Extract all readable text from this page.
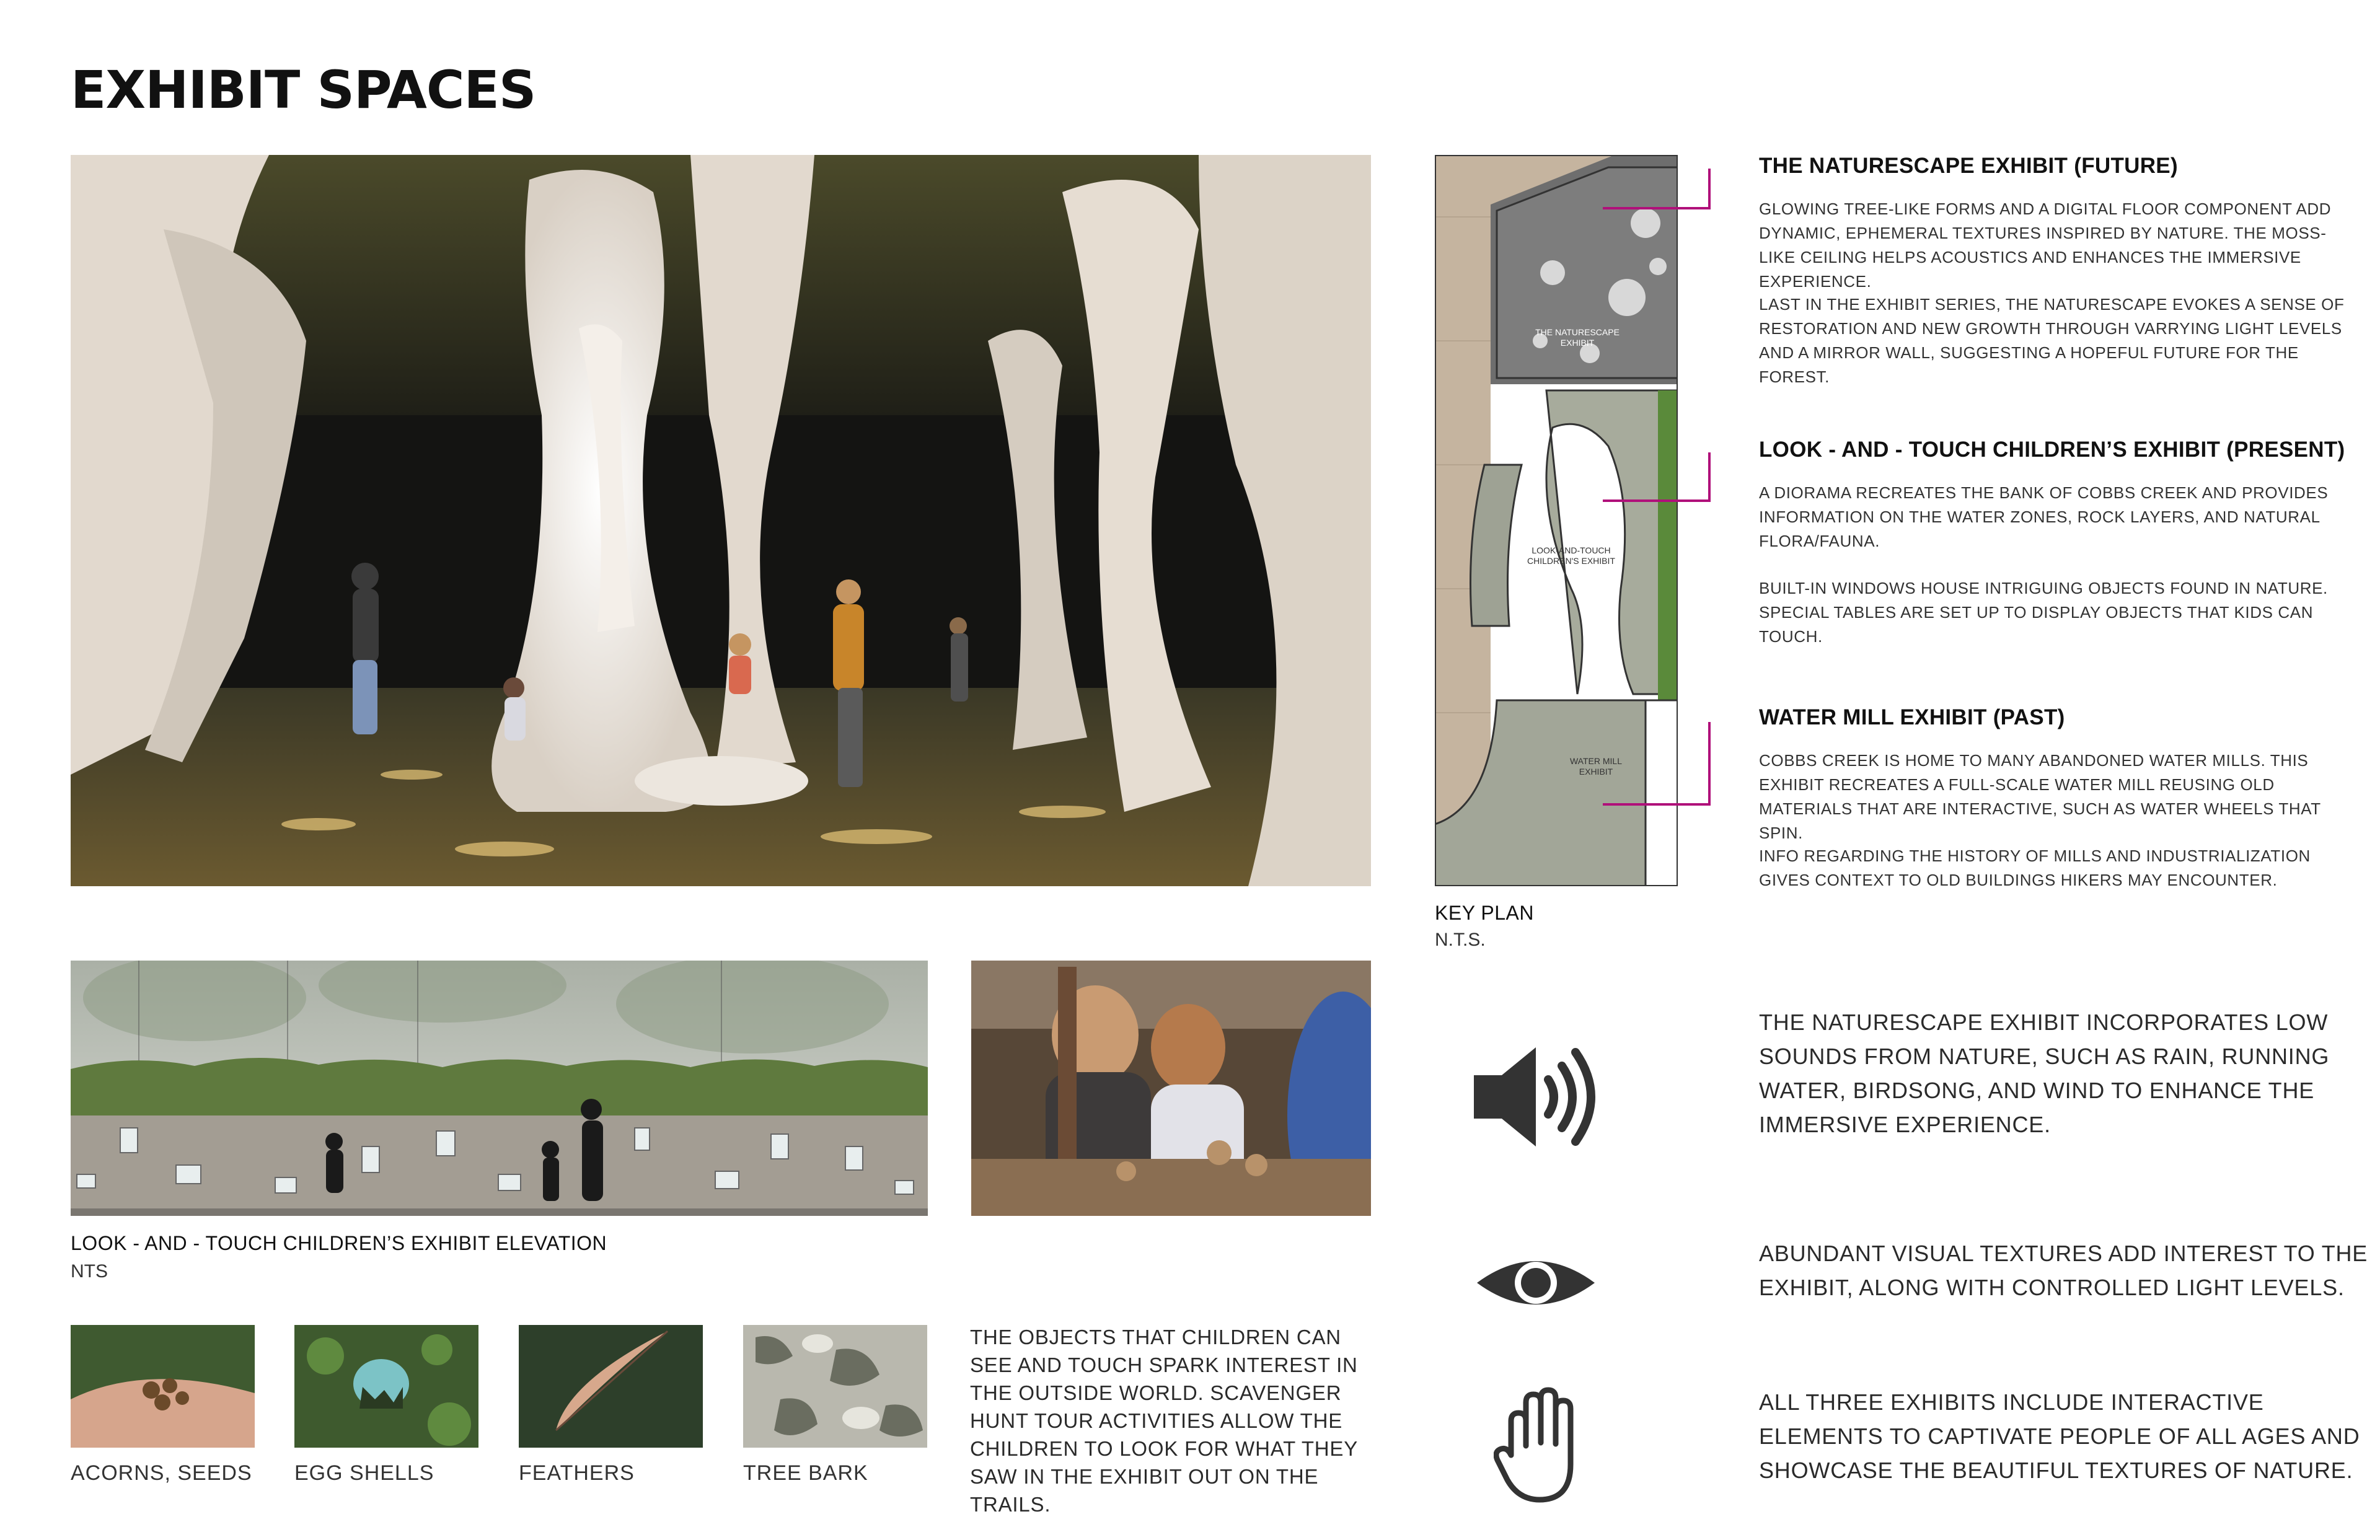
EXHIBIT SPACES
THE NATURESCAPE EXHIBIT
LOOK-AND-TOUCH CHILDREN'S EXHIBIT
WATER MILL EXHIBIT
KEY PLAN
N.T.S.
THE NATURESCAPE EXHIBIT (FUTURE)
GLOWING TREE-LIKE FORMS AND A DIGITAL FLOOR COMPONENT ADD DYNAMIC, EPHEMERAL TEXTURES INSPIRED BY NATURE. THE MOSS-LIKE CEILING HELPS ACOUSTICS AND ENHANCES THE IMMERSIVE EXPERIENCE.
LAST IN THE EXHIBIT SERIES, THE NATURESCAPE EVOKES A SENSE OF RESTORATION AND NEW GROWTH THROUGH VARRYING LIGHT LEVELS AND A MIRROR WALL, SUGGESTING A HOPEFUL FUTURE FOR THE FOREST.
LOOK - AND - TOUCH CHILDREN’S EXHIBIT (PRESENT)
A DIORAMA RECREATES THE BANK OF COBBS CREEK AND PROVIDES INFORMATION ON THE WATER ZONES, ROCK LAYERS, AND NATURAL FLORA/FAUNA.
BUILT-IN WINDOWS HOUSE INTRIGUING OBJECTS FOUND IN NATURE. SPECIAL TABLES ARE SET UP TO DISPLAY OBJECTS THAT KIDS CAN TOUCH.
WATER MILL EXHIBIT (PAST)
COBBS CREEK IS HOME TO MANY ABANDONED WATER MILLS. THIS EXHIBIT RECREATES A FULL-SCALE WATER MILL REUSING OLD MATERIALS THAT ARE INTERACTIVE, SUCH AS WATER WHEELS THAT SPIN.
INFO REGARDING THE HISTORY OF MILLS AND INDUSTRIALIZATION GIVES CONTEXT TO OLD BUILDINGS HIKERS MAY ENCOUNTER.
LOOK - AND - TOUCH CHILDREN’S EXHIBIT ELEVATION
NTS
ACORNS, SEEDS EGG SHELLS	FEATHERS	TREE BARK
THE OBJECTS THAT CHILDREN CAN SEE AND TOUCH SPARK INTEREST IN THE OUTSIDE WORLD. SCAVENGER HUNT TOUR ACTIVITIES ALLOW THE CHILDREN TO LOOK FOR WHAT THEY SAW IN THE EXHIBIT OUT ON THE TRAILS.
THE NATURESCAPE EXHIBIT INCORPORATES LOW SOUNDS FROM NATURE, SUCH AS RAIN, RUNNING WATER, BIRDSONG, AND WIND TO ENHANCE THE IMMERSIVE EXPERIENCE.
ABUNDANT VISUAL TEXTURES ADD INTEREST TO THE EXHIBIT, ALONG WITH CONTROLLED LIGHT LEVELS.
ALL THREE EXHIBITS INCLUDE INTERACTIVE ELEMENTS TO CAPTIVATE PEOPLE OF ALL AGES AND SHOWCASE THE BEAUTIFUL TEXTURES OF NATURE.
